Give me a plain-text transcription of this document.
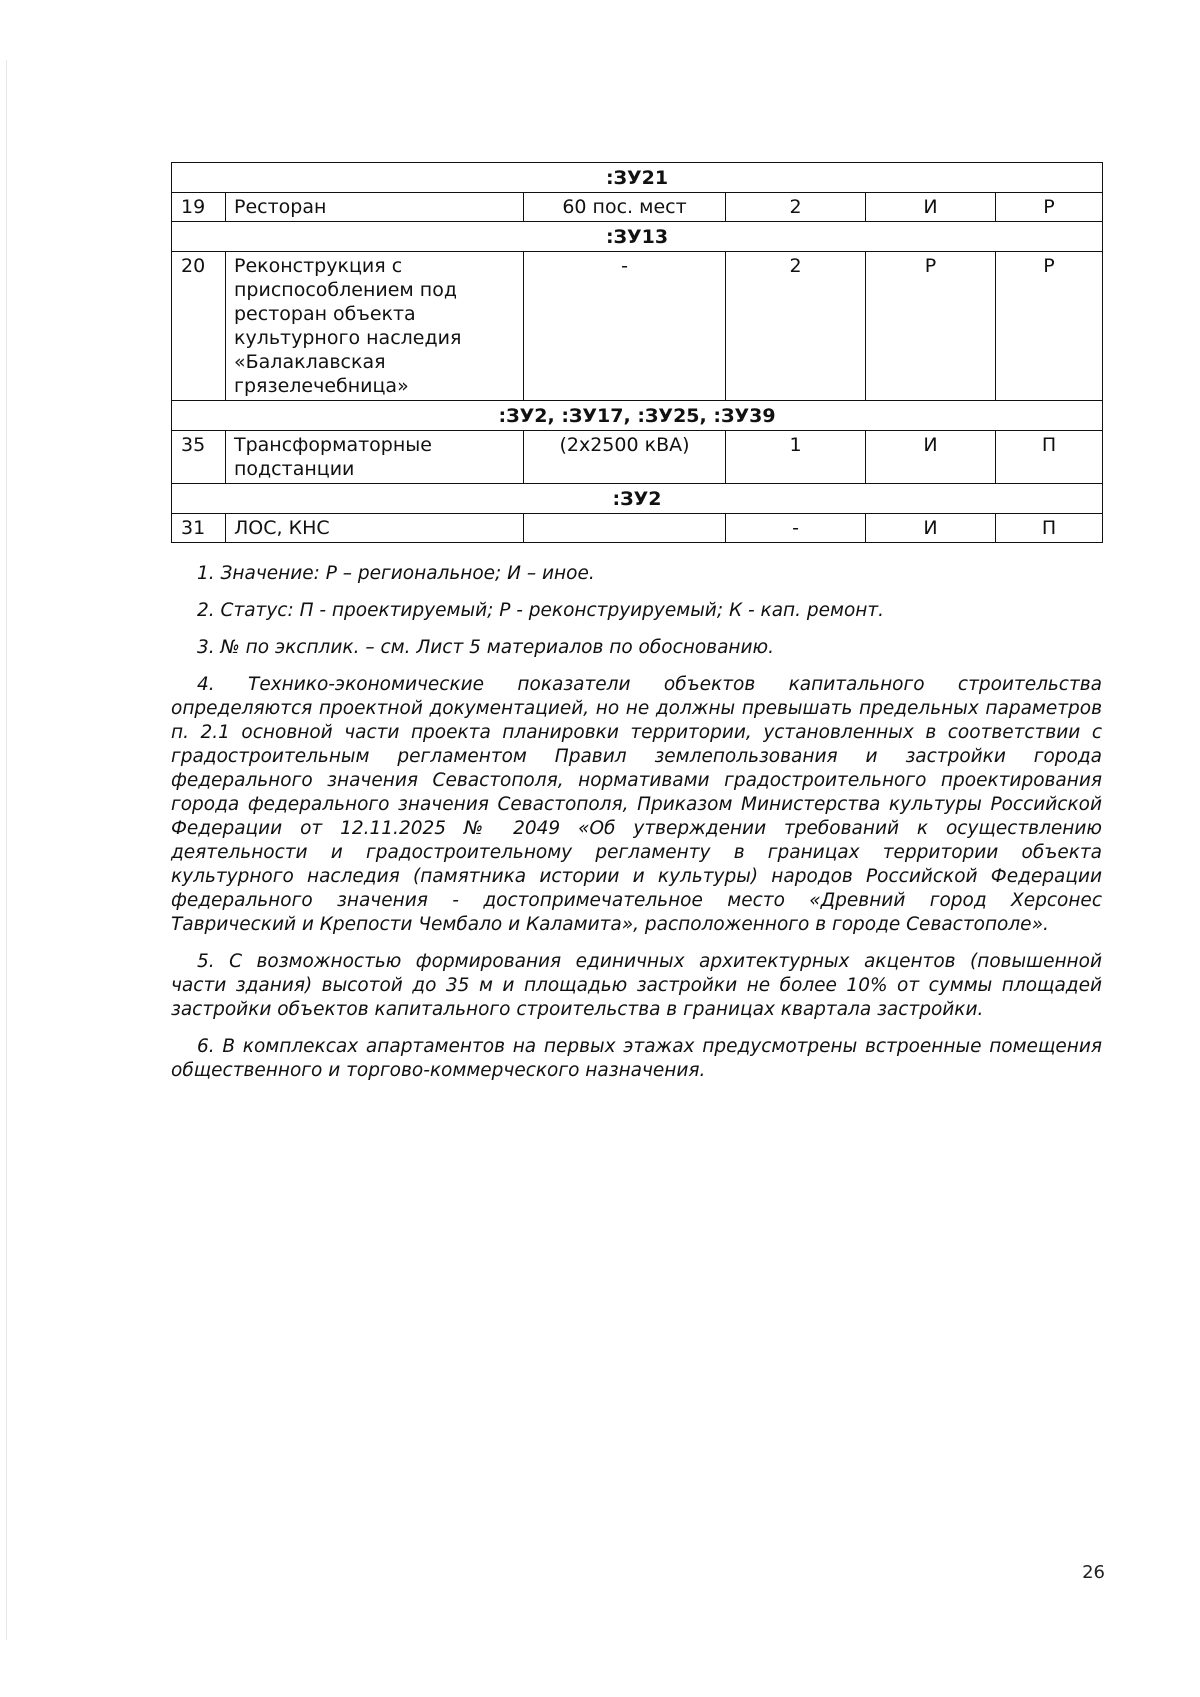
:ЗУ21					
19	Ресторан	60 пос. мест	2	И	Р
:ЗУ13					
20	Реконструкция с приспособлением под ресторан объекта культурного наследия «Балаклавская грязелечебница»	-	2	Р	Р
:ЗУ2, :ЗУ17, :ЗУ25, :ЗУ39					
35	Трансформаторные подстанции	(2х2500 кВА)	1	И	П
:ЗУ2					
31	ЛОС, КНС		-	И	П

1. Значение: Р – региональное; И – иное.

2. Статус: П - проектируемый; Р - реконструируемый; К - кап. ремонт.

3. № по эксплик. – см. Лист 5 материалов по обоснованию.

4. Технико-экономические показатели объектов капитального строительства определяются проектной документацией, но не должны превышать предельных параметров п. 2.1 основной части проекта планировки территории, установленных в соответствии с градостроительным регламентом Правил землепользования и застройки города федерального значения Севастополя, нормативами градостроительного проектирования города федерального значения Севастополя, Приказом Министерства культуры Российской Федерации от 12.11.2025 № 2049 «Об утверждении требований к осуществлению деятельности и градостроительному регламенту в границах территории объекта культурного наследия (памятника истории и культуры) народов Российской Федерации федерального значения - достопримечательное место «Древний город Херсонес Таврический и Крепости Чембало и Каламита», расположенного в городе Севастополе».

5. С возможностью формирования единичных архитектурных акцентов (повышенной части здания) высотой до 35 м и площадью застройки не более 10% от суммы площадей застройки объектов капитального строительства в границах квартала застройки.

6. В комплексах апартаментов на первых этажах предусмотрены встроенные помещения общественного и торгово-коммерческого назначения.

26
